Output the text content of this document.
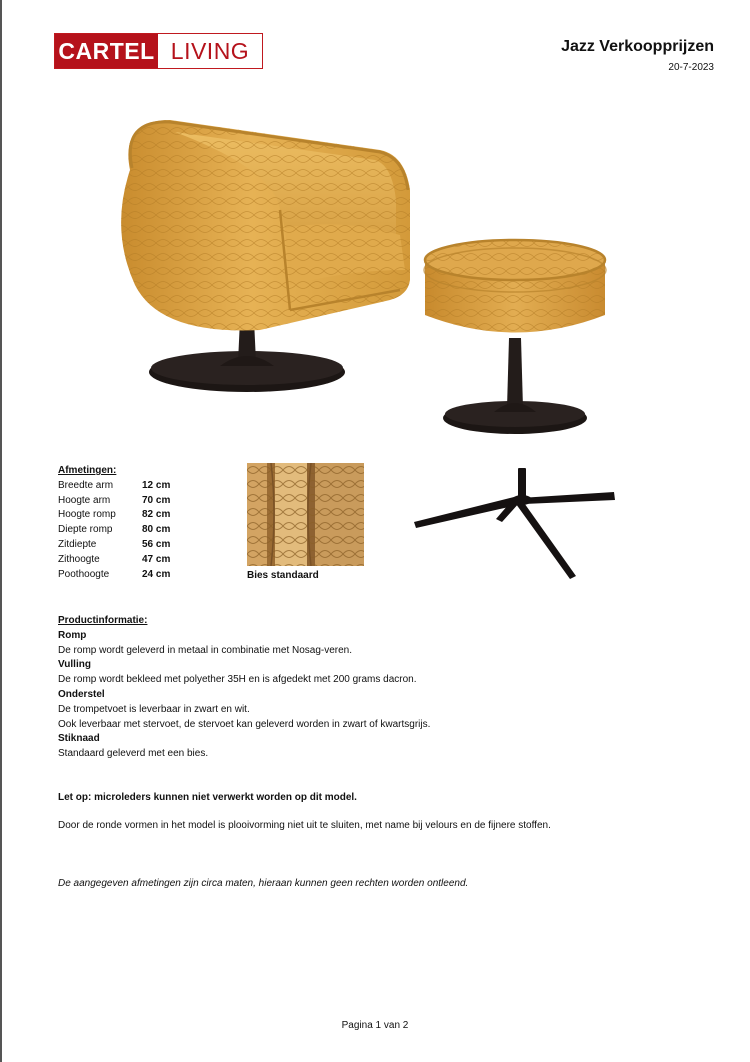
CARTEL LIVING	Jazz Verkoopprijzen
20-7-2023
Afmetingen:
Breedte arm	12 cm
Hoogte arm	70 cm
Hoogte romp	82 cm
Diepte romp	80 cm
Zitdiepte	56 cm
Zithoogte	47 cm
Poothoogte	24 cm	Bies standaard
Productinformatie:
Romp
De romp wordt geleverd in metaal in combinatie met Nosag-veren.
Vulling
De romp wordt bekleed met polyether 35H en is afgedekt met 200 grams dacron.
Onderstel
De trompetvoet is leverbaar in zwart en wit.
Ook leverbaar met stervoet, de stervoet kan geleverd worden in zwart of kwartsgrijs.
Stiknaad
Standaard geleverd met een bies.
Let op: microleders kunnen niet verwerkt worden op dit model.
Door de ronde vormen in het model is plooivorming niet uit te sluiten, met name bij velours en de fijnere stoffen.
De aangegeven afmetingen zijn circa maten, hieraan kunnen geen rechten worden ontleend.
Pagina 1 van 2
